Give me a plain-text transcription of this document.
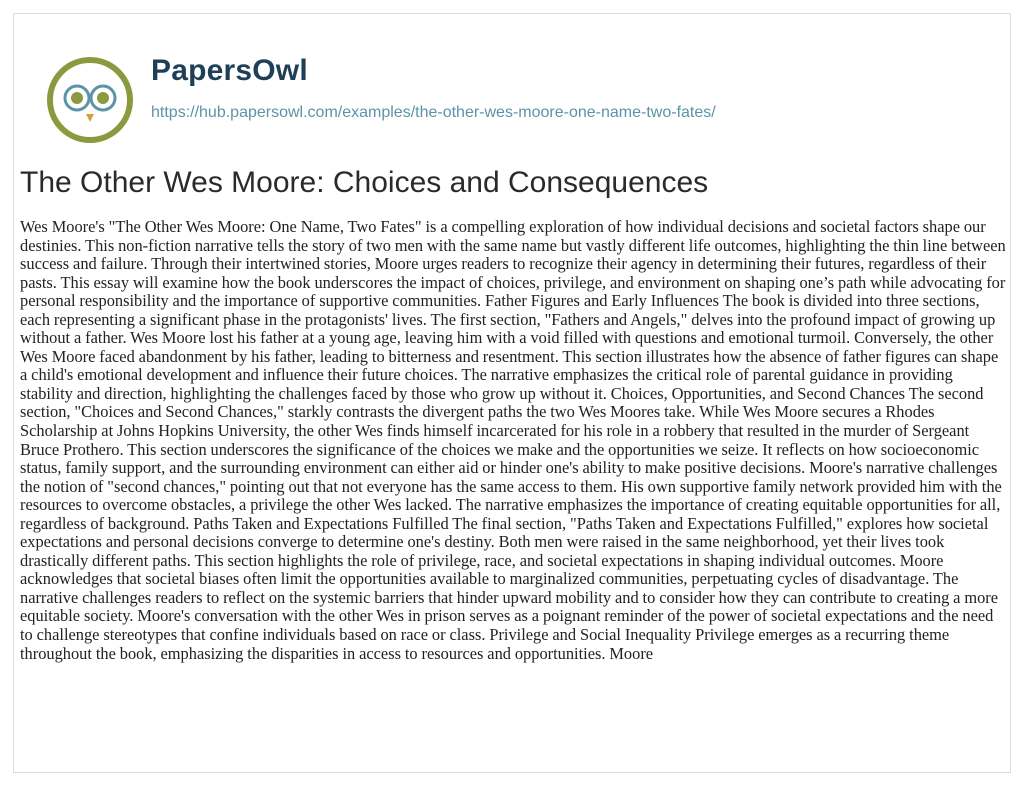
PapersOwl
https://hub.papersowl.com/examples/the-other-wes-moore-one-name-two-fates/
The Other Wes Moore: Choices and Consequences

Wes Moore's "The Other Wes Moore: One Name, Two Fates" is a compelling exploration of how individual decisions and societal factors shape our destinies. This non-fiction narrative tells the story of two men with the same name but vastly different life outcomes, highlighting the thin line between success and failure. Through their intertwined stories, Moore urges readers to recognize their agency in determining their futures, regardless of their pasts. This essay will examine how the book underscores the impact of choices, privilege, and environment on shaping one’s path while advocating for personal responsibility and the importance of supportive communities. Father Figures and Early Influences The book is divided into three sections, each representing a significant phase in the protagonists' lives. The first section, "Fathers and Angels," delves into the profound impact of growing up without a father. Wes Moore lost his father at a young age, leaving him with a void filled with questions and emotional turmoil. Conversely, the other Wes Moore faced abandonment by his father, leading to bitterness and resentment. This section illustrates how the absence of father figures can shape a child's emotional development and influence their future choices. The narrative emphasizes the critical role of parental guidance in providing stability and direction, highlighting the challenges faced by those who grow up without it. Choices, Opportunities, and Second Chances The second section, "Choices and Second Chances," starkly contrasts the divergent paths the two Wes Moores take. While Wes Moore secures a Rhodes Scholarship at Johns Hopkins University, the other Wes finds himself incarcerated for his role in a robbery that resulted in the murder of Sergeant Bruce Prothero. This section underscores the significance of the choices we make and the opportunities we seize. It reflects on how socioeconomic status, family support, and the surrounding environment can either aid or hinder one's ability to make positive decisions. Moore's narrative challenges the notion of "second chances," pointing out that not everyone has the same access to them. His own supportive family network provided him with the resources to overcome obstacles, a privilege the other Wes lacked. The narrative emphasizes the importance of creating equitable opportunities for all, regardless of background. Paths Taken and Expectations Fulfilled The final section, "Paths Taken and Expectations Fulfilled," explores how societal expectations and personal decisions converge to determine one's destiny. Both men were raised in the same neighborhood, yet their lives took drastically different paths. This section highlights the role of privilege, race, and societal expectations in shaping individual outcomes. Moore acknowledges that societal biases often limit the opportunities available to marginalized communities, perpetuating cycles of disadvantage. The narrative challenges readers to reflect on the systemic barriers that hinder upward mobility and to consider how they can contribute to creating a more equitable society. Moore's conversation with the other Wes in prison serves as a poignant reminder of the power of societal expectations and the need to challenge stereotypes that confine individuals based on race or class. Privilege and Social Inequality Privilege emerges as a recurring theme throughout the book, emphasizing the disparities in access to resources and opportunities. Moore
